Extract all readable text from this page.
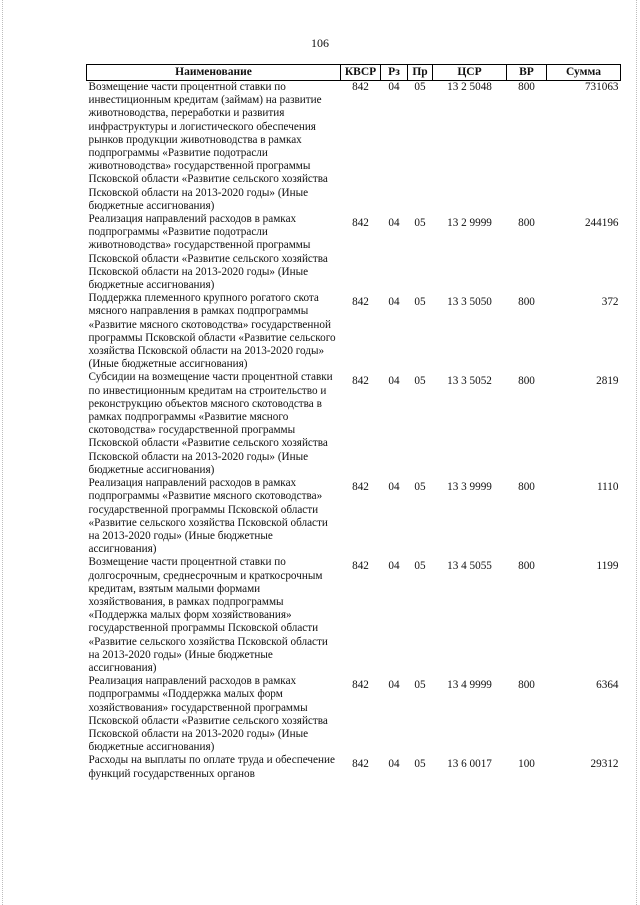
106
Наименование	КВСР	Рз	Пр	ЦСР	ВР	Сумма
Возмещение части процентной ставки по инвестиционным кредитам (займам) на развитие животноводства, переработки и развития инфраструктуры и логистического обеспечения рынков продукции животноводства в рамках подпрограммы «Развитие подотрасли животноводства» государственной программы Псковской области «Развитие сельского хозяйства Псковской области на 2013-2020 годы» (Иные бюджетные ассигнования)	842	04	05	13 2 5048	800	731063
Реализация направлений расходов в рамках подпрограммы «Развитие подотрасли животноводства» государственной программы Псковской области «Развитие сельского хозяйства Псковской области на 2013-2020 годы» (Иные бюджетные ассигнования)	842	04	05	13 2 9999	800	244196
Поддержка племенного крупного рогатого скота мясного направления в рамках подпрограммы «Развитие мясного скотоводства» государственной программы Псковской области «Развитие сельского хозяйства Псковской области на 2013-2020 годы» (Иные бюджетные ассигнования)	842	04	05	13 3 5050	800	372
Субсидии на возмещение части процентной ставки по инвестиционным кредитам на строительство и реконструкцию объектов мясного скотоводства в рамках подпрограммы «Развитие мясного скотоводства» государственной программы Псковской области «Развитие сельского хозяйства Псковской области на 2013-2020 годы» (Иные бюджетные ассигнования)	842	04	05	13 3 5052	800	2819
Реализация направлений расходов в рамках подпрограммы «Развитие мясного скотоводства» государственной программы Псковской области «Развитие сельского хозяйства Псковской области на 2013-2020 годы» (Иные бюджетные ассигнования)	842	04	05	13 3 9999	800	1110
Возмещение части процентной ставки по долгосрочным, среднесрочным и краткосрочным кредитам, взятым малыми формами хозяйствования, в рамках подпрограммы «Поддержка малых форм хозяйствования» государственной программы Псковской области «Развитие сельского хозяйства Псковской области на 2013-2020 годы» (Иные бюджетные ассигнования)	842	04	05	13 4 5055	800	1199
Реализация направлений расходов в рамках подпрограммы «Поддержка малых форм хозяйствования» государственной программы Псковской области «Развитие сельского хозяйства Псковской области на 2013-2020 годы» (Иные бюджетные ассигнования)	842	04	05	13 4 9999	800	6364
Расходы на выплаты по оплате труда и обеспечение функций государственных органов	842	04	05	13 6 0017	100	29312
